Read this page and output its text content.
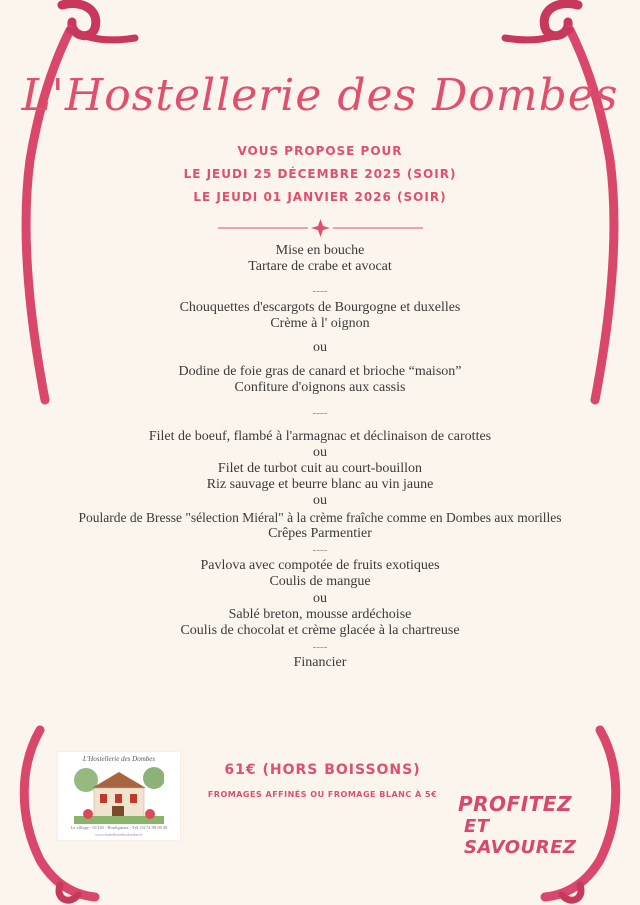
L'Hostellerie des Dombes
VOUS PROPOSE POUR
LE JEUDI 25 DÉCEMBRE 2025 (SOIR)
LE JEUDI 01 JANVIER 2026 (SOIR)
Mise en bouche
Tartare de crabe et avocat
----
Chouquettes d'escargots de Bourgogne et duxelles
Crème à l' oignon
ou
Dodine de foie gras de canard et brioche “maison”
Confiture d'oignons aux cassis
----
Filet de boeuf, flambé à l'armagnac et déclinaison de carottes
ou
Filet de turbot cuit au court-bouillon
Riz sauvage et beurre blanc au vin jaune
ou
Poularde de Bresse "sélection Miéral" à la crème fraîche comme en Dombes aux morilles
Crêpes Parmentier
----
Pavlova avec compotée de fruits exotiques
Coulis de mangue
ou
Sablé breton, mousse ardéchoise
Coulis de chocolat et crème glacée à la chartreuse
----
Financier
L'Hostellerie des Dombes
Le village - 01330 - Bouligneux - Tél. 04 74 98 08 40
www.hostelleriedesdombes.fr
61€ (HORS BOISSONS)
FROMAGES AFFINÉS OU FROMAGE BLANC À 5€	PROFITEZ
ET SAVOUREZ
